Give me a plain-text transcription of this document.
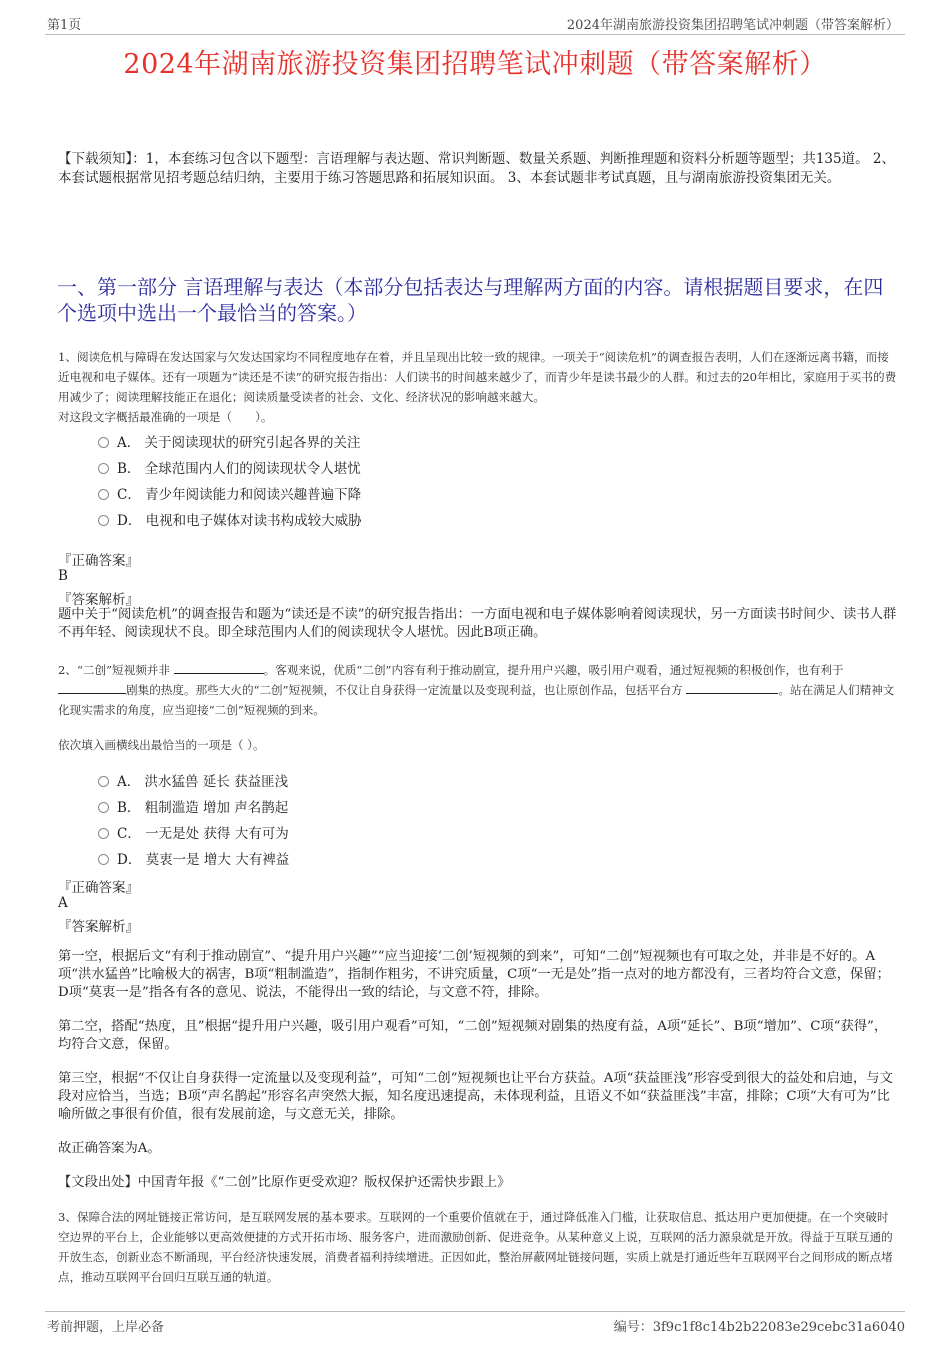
第1页	2024年湖南旅游投资集团招聘笔试冲刺题（带答案解析）
2024年湖南旅游投资集团招聘笔试冲刺题（带答案解析）
【下载须知】：1，本套练习包含以下题型：言语理解与表达题、常识判断题、数量关系题、判断推理题和资料分析题等题型；共135道。 2、本套试题根据常见招考题总结归纳，主要用于练习答题思路和拓展知识面。 3、本套试题非考试真题，且与湖南旅游投资集团无关。
一、第一部分 言语理解与表达（本部分包括表达与理解两方面的内容。请根据题目要求，在四个选项中选出一个最恰当的答案。）
1、阅读危机与障碍在发达国家与欠发达国家均不同程度地存在着，并且呈现出比较一致的规律。一项关于“阅读危机”的调查报告表明，人们在逐渐远离书籍，而接近电视和电子媒体。还有一项题为“读还是不读”的研究报告指出：人们读书的时间越来越少了，而青少年是读书最少的人群。和过去的20年相比，家庭用于买书的费用减少了；阅读理解技能正在退化；阅读质量受读者的社会、文化、经济状况的影响越来越大。
对这段文字概括最准确的一项是（　　）。
A． 关于阅读现状的研究引起各界的关注
B． 全球范围内人们的阅读现状令人堪忧
C． 青少年阅读能力和阅读兴趣普遍下降
D． 电视和电子媒体对读书构成较大威胁
『正确答案』
B
『答案解析』
题中关于“阅读危机”的调查报告和题为“读还是不读”的研究报告指出：一方面电视和电子媒体影响着阅读现状，另一方面读书时间少、读书人群不再年轻、阅读现状不良。即全球范围内人们的阅读现状令人堪忧。因此B项正确。
2、“二创”短视频并非	。客观来说，优质“二创”内容有利于推动剧宣，提升用户兴趣，吸引用户观看，通过短视频的积极创作，也有利于 剧集的热度。那些大火的“二创”短视频，不仅让自身获得一定流量以及变现利益，也让原创作品，包括平台方	。站在满足人们精神文化现实需求的角度，应当迎接“二创”短视频的到来。
依次填入画横线出最恰当的一项是（ ）。
A． 洪水猛兽 延长 获益匪浅
B． 粗制滥造 增加 声名鹊起
C． 一无是处 获得 大有可为
D． 莫衷一是 增大 大有裨益
『正确答案』
A
『答案解析』
第一空，根据后文“有利于推动剧宣”、“提升用户兴趣”“应当迎接‘二创’短视频的到来”，可知“二创”短视频也有可取之处，并非是不好的。A项“洪水猛兽”比喻极大的祸害，B项“粗制滥造”，指制作粗劣，不讲究质量，C项“一无是处”指一点对的地方都没有，三者均符合文意，保留；D项“莫衷一是”指各有各的意见、说法，不能得出一致的结论，与文意不符，排除。
第二空，搭配“热度，且”根据“提升用户兴趣，吸引用户观看”可知，“二创”短视频对剧集的热度有益，A项“延长”、B项“增加”、C项“获得”，均符合文意，保留。
第三空，根据“不仅让自身获得一定流量以及变现利益”，可知“二创”短视频也让平台方获益。A项“获益匪浅”形容受到很大的益处和启迪，与文段对应恰当，当选；B项“声名鹊起”形容名声突然大振，知名度迅速提高，未体现利益，且语义不如“获益匪浅”丰富，排除；C项“大有可为”比喻所做之事很有价值，很有发展前途，与文意无关，排除。
故正确答案为A。
【文段出处】中国青年报《“二创”比原作更受欢迎？版权保护还需快步跟上》
3、保障合法的网址链接正常访问，是互联网发展的基本要求。互联网的一个重要价值就在于，通过降低准入门槛，让获取信息、抵达用户更加便捷。在一个突破时空边界的平台上，企业能够以更高效便捷的方式开拓市场、服务客户，进而激励创新、促进竞争。从某种意义上说，互联网的活力源泉就是开放。得益于互联互通的开放生态，创新业态不断涌现，平台经济快速发展，消费者福利持续增进。正因如此，整治屏蔽网址链接问题，实质上就是打通近些年互联网平台之间形成的断点堵点，推动互联网平台回归互联互通的轨道。
考前押题，上岸必备	编号：3f9c1f8c14b2b22083e29cebc31a6040
